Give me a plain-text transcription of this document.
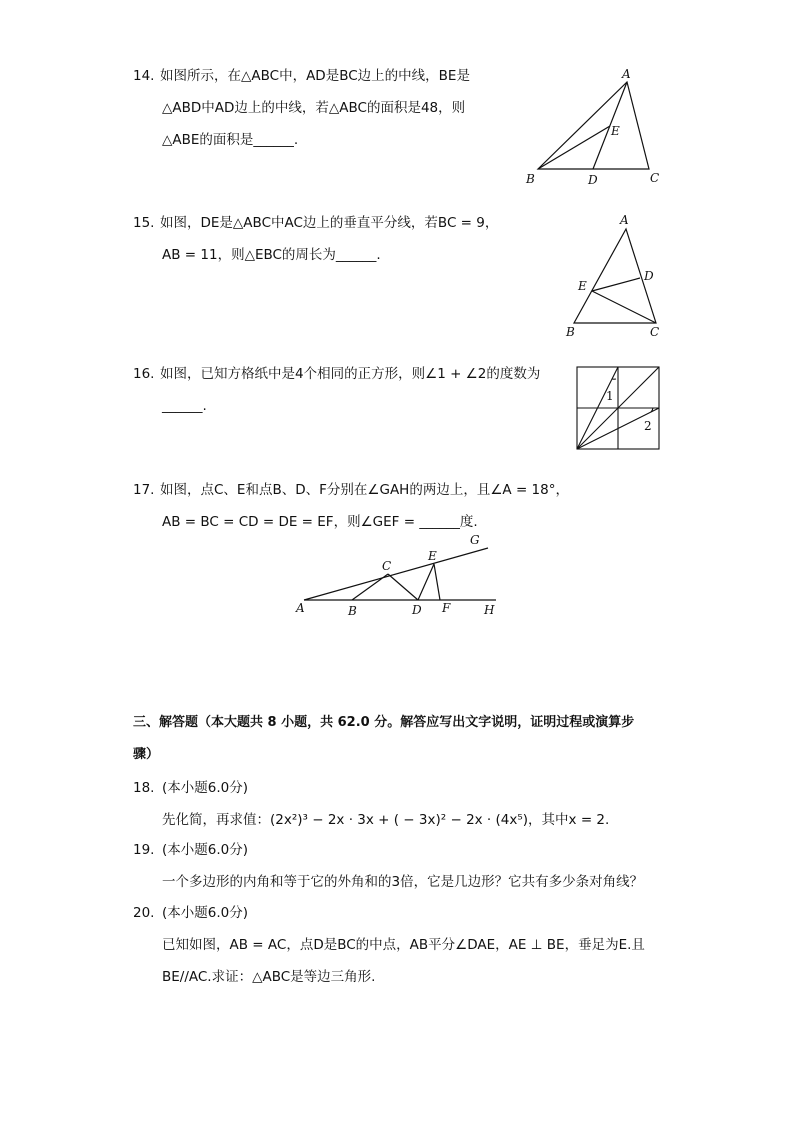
14. 如图所示，在△ABC中，AD是BC边上的中线，BE是
△ABD中AD边上的中线，若△ABC的面积是48，则
△ABE的面积是______.
A
E
B	D	C
15. 如图，DE是△ABC中AC边上的垂直平分线，若BC = 9，
AB = 11，则△EBC的周长为______.
A
D
E
B	C
16. 如图，已知方格纸中是4个相同的正方形，则∠1 + ∠2的度数为
______.
1
2
17. 如图，点C、E和点B、D、F分别在∠GAH的两边上，且∠A = 18°，
AB = BC = CD = DE = EF，则∠GEF = ______度.
G
C
E
A	B	D F	H
三、解答题（本大题共 8 小题，共 62.0 分。解答应写出文字说明，证明过程或演算步
骤）
18. (本小题6.0分)
先化简，再求值：(2x²)³ − 2x · 3x + ( − 3x)² − 2x · (4x⁵)，其中x = 2.
19. (本小题6.0分)
一个多边形的内角和等于它的外角和的3倍，它是几边形？它共有多少条对角线？
20. (本小题6.0分)
已知如图，AB = AC，点D是BC的中点，AB平分∠DAE，AE ⊥ BE，垂足为E.且
BE//AC.求证：△ABC是等边三角形.
